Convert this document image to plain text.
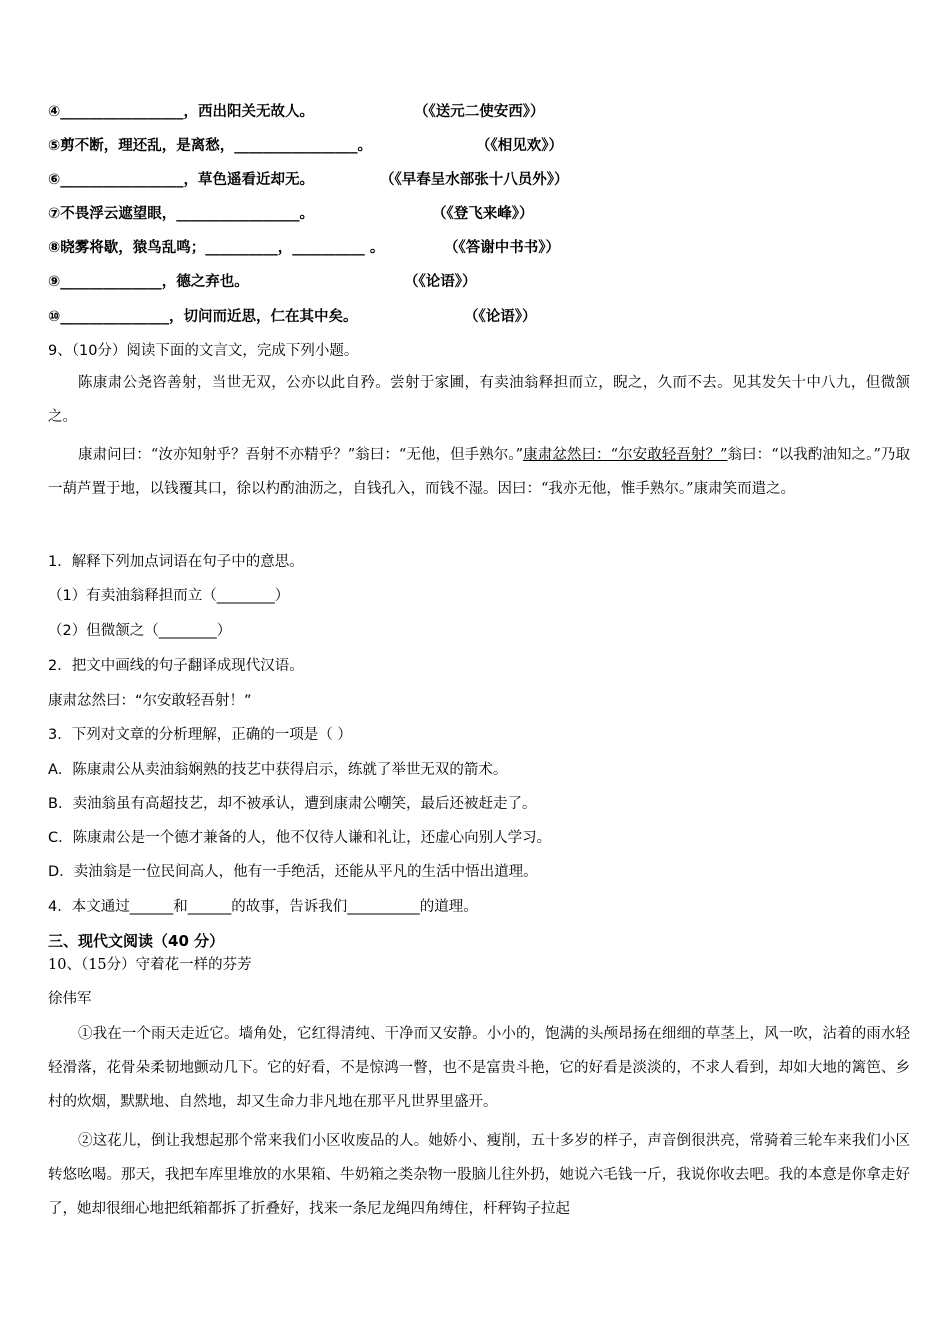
④_________________，西出阳关无故人。	（《送元二使安西》）
⑤剪不断，理还乱，是离愁，_________________。	（《相见欢》）
⑥_________________，草色遥看近却无。	（《早春呈水部张十八员外》）
⑦不畏浮云遮望眼，_________________。	（《登飞来峰》）
⑧晓雾将歇，猿鸟乱鸣；__________，__________ 。	（《答谢中书书》）
⑨______________，德之弃也。	（《论语》）
⑩_______________，切问而近思，仁在其中矣。	（《论语》）
9、（10分）阅读下面的文言文，完成下列小题。
陈康肃公尧咨善射，当世无双，公亦以此自矜。尝射于家圃，有卖油翁释担而立，睨之，久而不去。见其发矢十中八九，但微颔之。
康肃问曰：“汝亦知射乎？吾射不亦精乎？”翁曰：“无他，但手熟尔。”康肃忿然曰：“尔安敢轻吾射？”翁曰：“以我酌油知之。”乃取一葫芦置于地，以钱覆其口，徐以杓酌油沥之，自钱孔入，而钱不湿。因曰：“我亦无他，惟手熟尔。”康肃笑而遣之。
1．解释下列加点词语在句子中的意思。
（1）有卖油翁释担而立（________）
（2）但微颔之（________）
2．把文中画线的句子翻译成现代汉语。
康肃忿然曰：“尔安敢轻吾射！”
3．下列对文章的分析理解，正确的一项是（ ）
A．陈康肃公从卖油翁娴熟的技艺中获得启示，练就了举世无双的箭术。
B．卖油翁虽有高超技艺，却不被承认，遭到康肃公嘲笑，最后还被赶走了。
C．陈康肃公是一个德才兼备的人，他不仅待人谦和礼让，还虚心向别人学习。
D．卖油翁是一位民间高人，他有一手绝活，还能从平凡的生活中悟出道理。
4．本文通过______和______的故事，告诉我们__________的道理。
三、现代文阅读（40 分）
10、（15分）守着花一样的芬芳
徐伟军
①我在一个雨天走近它。墙角处，它红得清纯、干净而又安静。小小的，饱满的头颅昂扬在细细的草茎上，风一吹，沾着的雨水轻轻滑落，花骨朵柔韧地颤动几下。它的好看，不是惊鸿一瞥，也不是富贵斗艳，它的好看是淡淡的，不求人看到，却如大地的篱笆、乡村的炊烟，默默地、自然地，却又生命力非凡地在那平凡世界里盛开。
②这花儿，倒让我想起那个常来我们小区收废品的人。她娇小、瘦削，五十多岁的样子，声音倒很洪亮，常骑着三轮车来我们小区转悠吆喝。那天，我把车库里堆放的水果箱、牛奶箱之类杂物一股脑儿往外扔，她说六毛钱一斤，我说你收去吧。我的本意是你拿走好了，她却很细心地把纸箱都拆了折叠好，找来一条尼龙绳四角缚住，杆秤钩子拉起
